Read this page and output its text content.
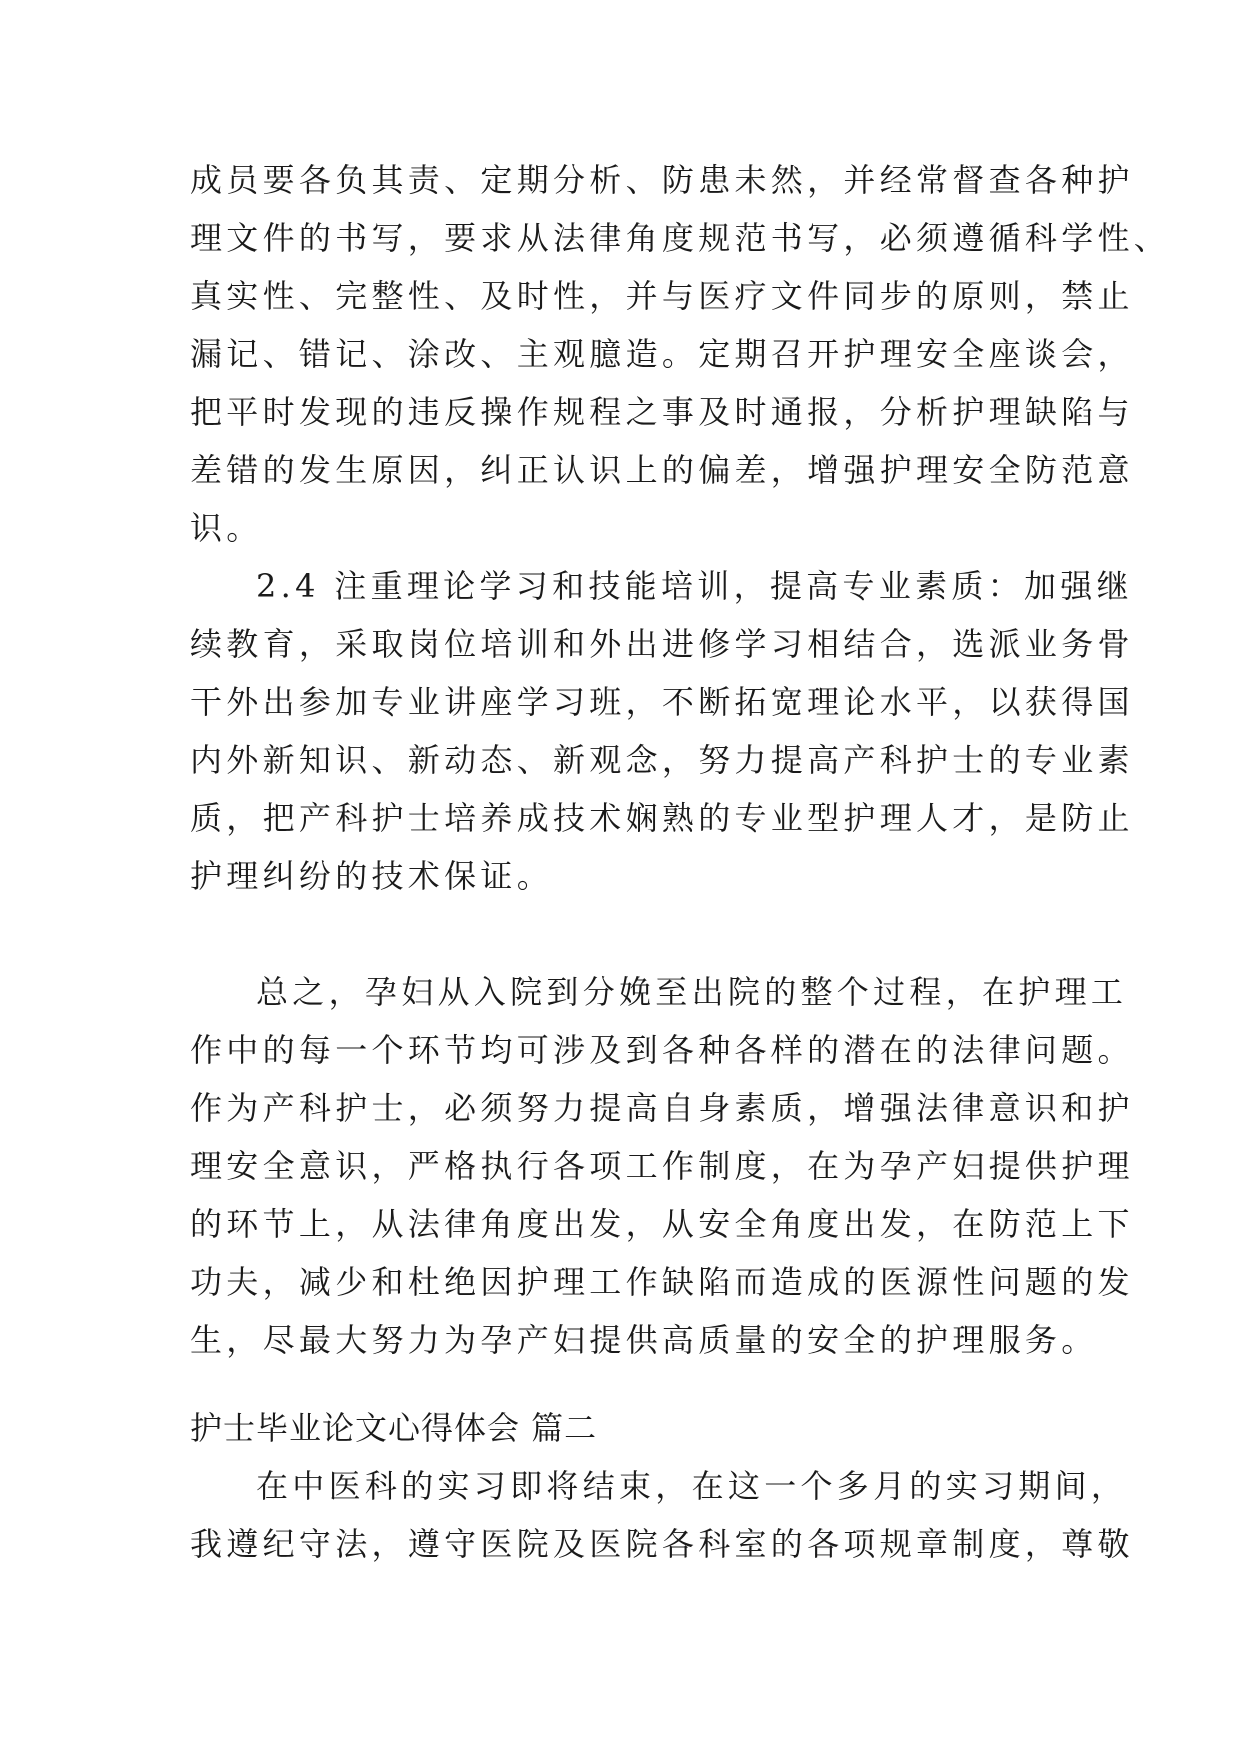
成员要各负其责、定期分析、防患未然，并经常督查各种护

理文件的书写，要求从法律角度规范书写，必须遵循科学性、

真实性、完整性、及时性，并与医疗文件同步的原则，禁止

漏记、错记、涂改、主观臆造。定期召开护理安全座谈会，

把平时发现的违反操作规程之事及时通报，分析护理缺陷与

差错的发生原因，纠正认识上的偏差，增强护理安全防范意

识。

2.4 注重理论学习和技能培训，提高专业素质：加强继

续教育，采取岗位培训和外出进修学习相结合，选派业务骨

干外出参加专业讲座学习班，不断拓宽理论水平，以获得国

内外新知识、新动态、新观念，努力提高产科护士的专业素

质，把产科护士培养成技术娴熟的专业型护理人才，是防止

护理纠纷的技术保证。

总之，孕妇从入院到分娩至出院的整个过程，在护理工

作中的每一个环节均可涉及到各种各样的潜在的法律问题。

作为产科护士，必须努力提高自身素质，增强法律意识和护

理安全意识，严格执行各项工作制度，在为孕产妇提供护理

的环节上，从法律角度出发，从安全角度出发，在防范上下

功夫，减少和杜绝因护理工作缺陷而造成的医源性问题的发

生，尽最大努力为孕产妇提供高质量的安全的护理服务。

护士毕业论文心得体会 篇二

在中医科的实习即将结束，在这一个多月的实习期间，

我遵纪守法，遵守医院及医院各科室的各项规章制度，尊敬
